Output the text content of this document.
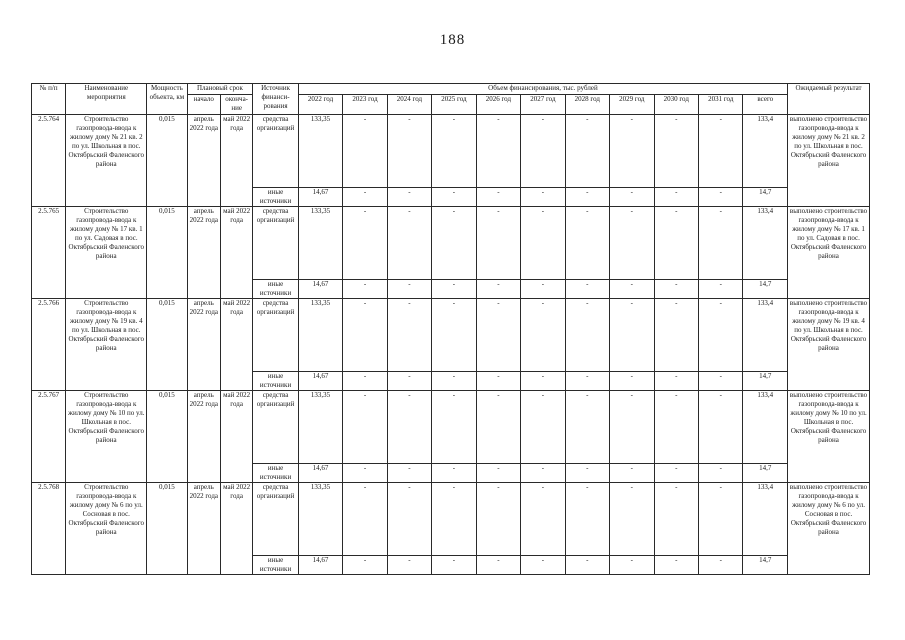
188
№ п/п	Наименование мероприятия	Мощность объекта, км	Плановый срок		Источник финанси-рования	Объем финансирования, тыс. рублей											Ожидаемый результат
			начало	оконча-ние		2022 год	2023 год	2024 год	2025 год	2026 год	2027 год	2028 год	2029 год	2030 год	2031 год	всего	
2.5.764	Строительство газопровода-ввода к жилому дому № 21 кв. 2 по ул. Школьная в пос. Октябрьский Фаленского района	0,015	апрель 2022 года	май 2022 года	средства организаций	133,35	-	-	-	-	-	-	-	-	-	133,4	выполнено строительство газопровода-ввода к жилому дому № 21 кв. 2 по ул. Школьная в пос. Октябрьский Фаленского района
					иные источники	14,67	-	-	-	-	-	-	-	-	-	14,7	
2.5.765	Строительство газопровода-ввода к жилому дому № 17 кв. 1 по ул. Садовая в пос. Октябрьский Фаленского района	0,015	апрель 2022 года	май 2022 года	средства организаций	133,35	-	-	-	-	-	-	-	-	-	133,4	выполнено строительство газопровода-ввода к жилому дому № 17 кв. 1 по ул. Садовая в пос. Октябрьский Фаленского района
					иные источники	14,67	-	-	-	-	-	-	-	-	-	14,7	
2.5.766	Строительство газопровода-ввода к жилому дому № 19 кв. 4 по ул. Школьная в пос. Октябрьский Фаленского района	0,015	апрель 2022 года	май 2022 года	средства организаций	133,35	-	-	-	-	-	-	-	-	-	133,4	выполнено строительство газопровода-ввода к жилому дому № 19 кв. 4 по ул. Школьная в пос. Октябрьский Фаленского района
					иные источники	14,67	-	-	-	-	-	-	-	-	-	14,7	
2.5.767	Строительство газопровода-ввода к жилому дому № 10 по ул. Школьная в пос. Октябрьский Фаленского района	0,015	апрель 2022 года	май 2022 года	средства организаций	133,35	-	-	-	-	-	-	-	-	-	133,4	выполнено строительство газопровода-ввода к жилому дому № 10 по ул. Школьная в пос. Октябрьский Фаленского района
					иные источники	14,67	-	-	-	-	-	-	-	-	-	14,7	
2.5.768	Строительство газопровода-ввода к жилому дому № 6 по ул. Сосновая в пос. Октябрьский Фаленского района	0,015	апрель 2022 года	май 2022 года	средства организаций	133,35	-	-	-	-	-	-	-	-	-	133,4	выполнено строительство газопровода-ввода к жилому дому № 6 по ул. Сосновая в пос. Октябрьский Фаленского района
					иные источники	14,67	-	-	-	-	-	-	-	-	-	14,7	
